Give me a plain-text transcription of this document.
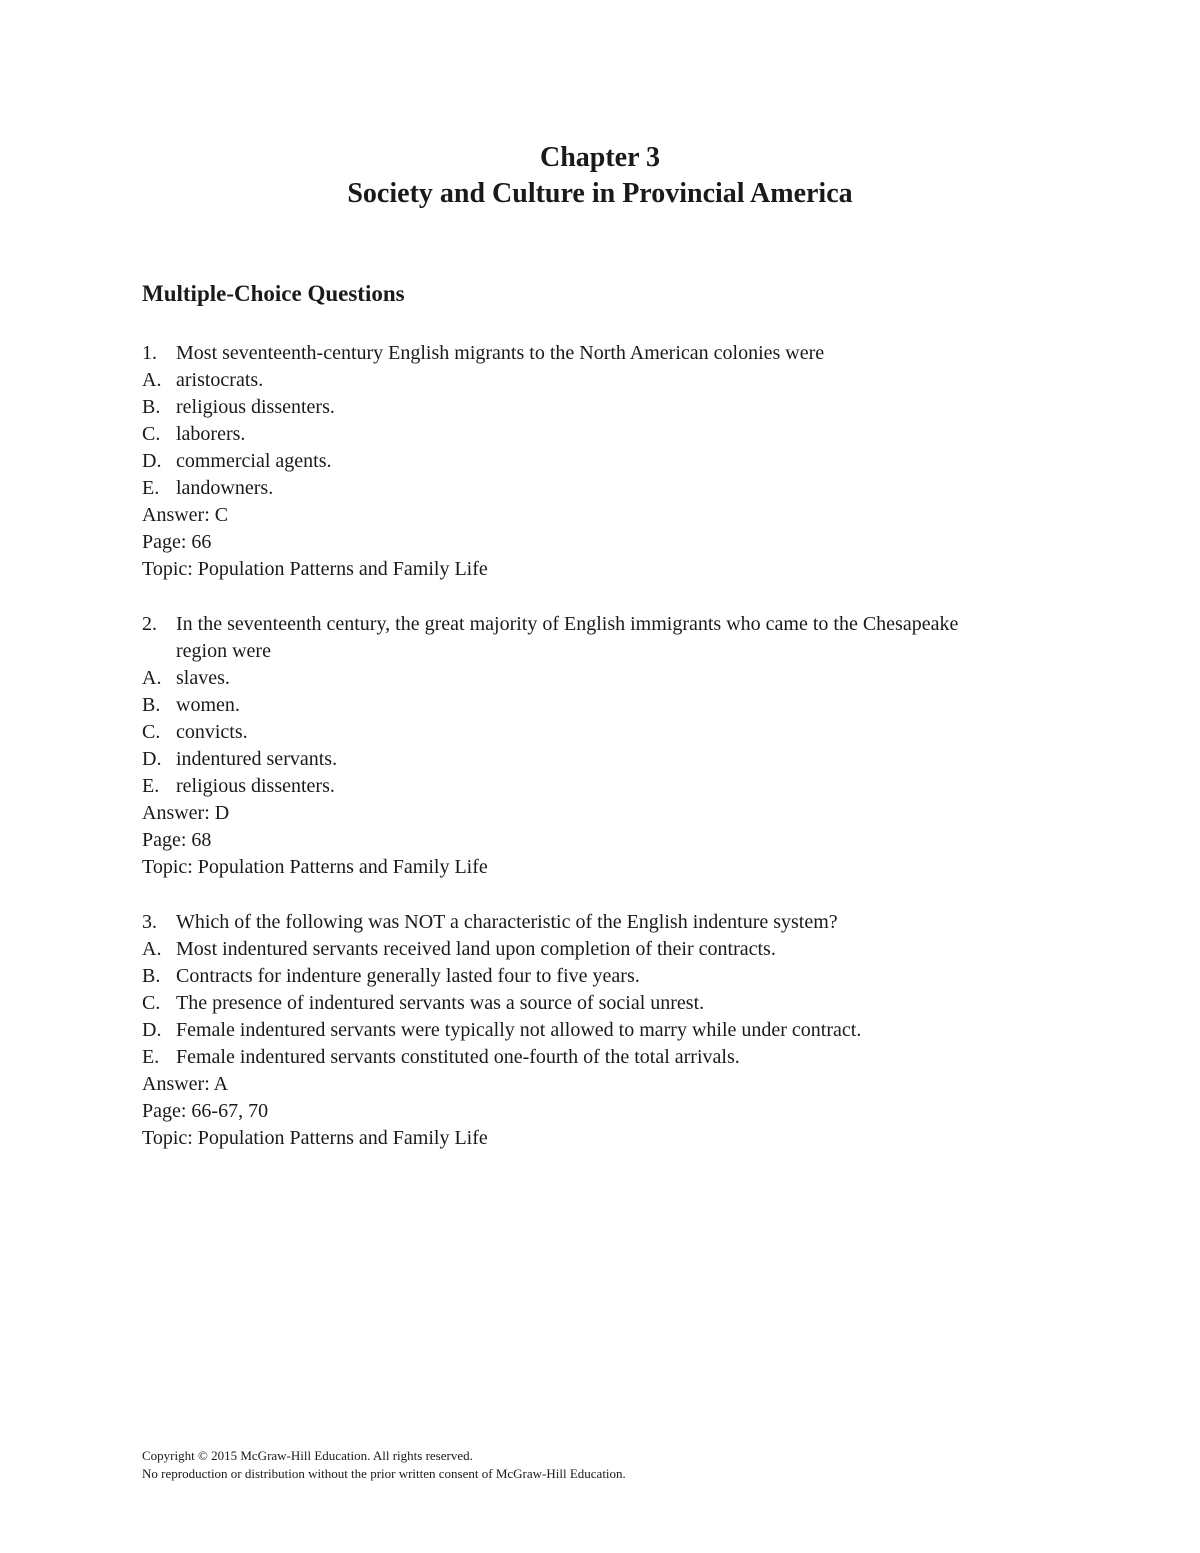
Chapter 3
Society and Culture in Provincial America
Multiple-Choice Questions
1. Most seventeenth-century English migrants to the North American colonies were
A. aristocrats.
B. religious dissenters.
C. laborers.
D. commercial agents.
E. landowners.
Answer: C
Page: 66
Topic: Population Patterns and Family Life
2. In the seventeenth century, the great majority of English immigrants who came to the Chesapeake region were
A. slaves.
B. women.
C. convicts.
D. indentured servants.
E. religious dissenters.
Answer: D
Page: 68
Topic: Population Patterns and Family Life
3. Which of the following was NOT a characteristic of the English indenture system?
A. Most indentured servants received land upon completion of their contracts.
B. Contracts for indenture generally lasted four to five years.
C. The presence of indentured servants was a source of social unrest.
D. Female indentured servants were typically not allowed to marry while under contract.
E. Female indentured servants constituted one-fourth of the total arrivals.
Answer: A
Page: 66-67, 70
Topic: Population Patterns and Family Life
Copyright © 2015 McGraw-Hill Education. All rights reserved.
No reproduction or distribution without the prior written consent of McGraw-Hill Education.
